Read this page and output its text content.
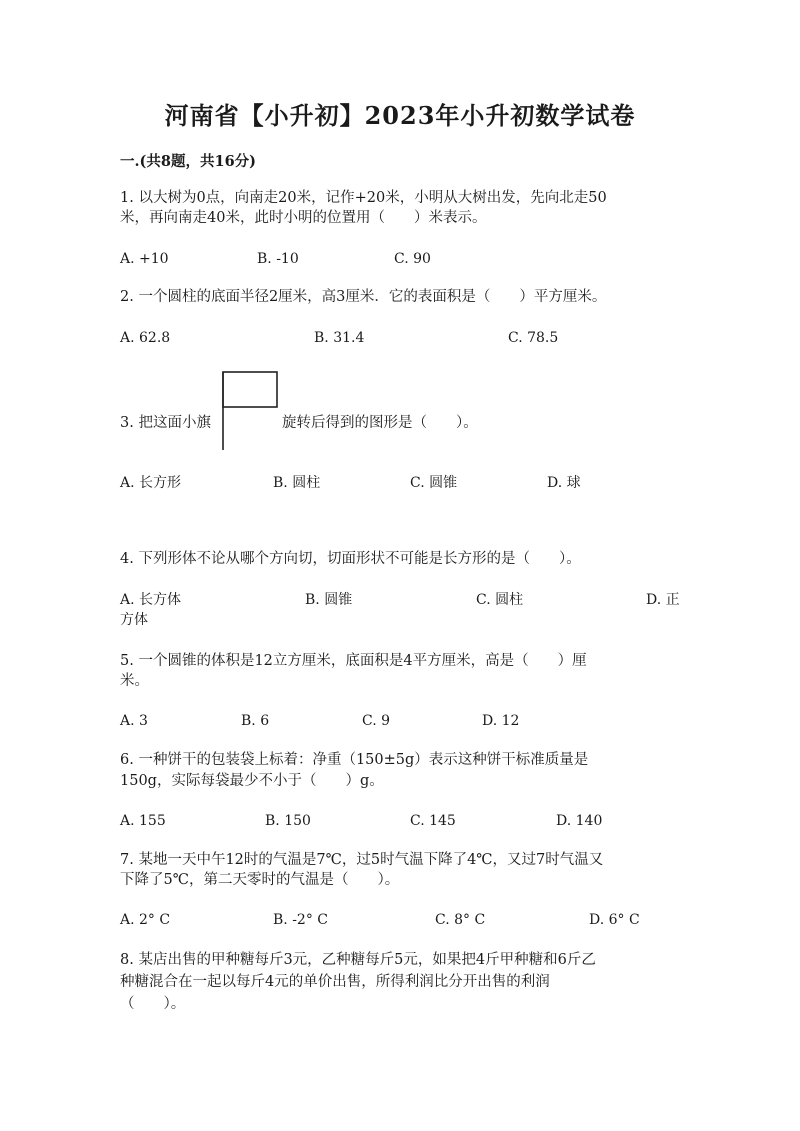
河南省【小升初】2023年小升初数学试卷
一.(共8题，共16分)
1. 以大树为0点，向南走20米，记作+20米，小明从大树出发，先向北走50
米，再向南走40米，此时小明的位置用（　　）米表示。
A. +10	B. -10	C. 90
2. 一个圆柱的底面半径2厘米，高3厘米．它的表面积是（　　）平方厘米。
A. 62.8	B. 31.4	C. 78.5
3. 把这面小旗	旋转后得到的图形是（　　）。
A. 长方形	B. 圆柱	C. 圆锥	D. 球
4. 下列形体不论从哪个方向切，切面形状不可能是长方形的是（　　）。
A. 长方体	B. 圆锥	C. 圆柱	D. 正
方体
5. 一个圆锥的体积是12立方厘米，底面积是4平方厘米，高是（　　）厘
米。
A. 3	B. 6	C. 9	D. 12
6. 一种饼干的包装袋上标着：净重（150±5g）表示这种饼干标准质量是
150g，实际每袋最少不小于（　　）g。
A. 155	B. 150	C. 145	D. 140
7. 某地一天中午12时的气温是7℃，过5时气温下降了4℃，又过7时气温又
下降了5℃，第二天零时的气温是（　　）。
A. 2° C	B. -2° C	C. 8° C	D. 6° C
8. 某店出售的甲种糖每斤3元，乙种糖每斤5元，如果把4斤甲种糖和6斤乙
种糖混合在一起以每斤4元的单价出售，所得利润比分开出售的利润
（　　）。
